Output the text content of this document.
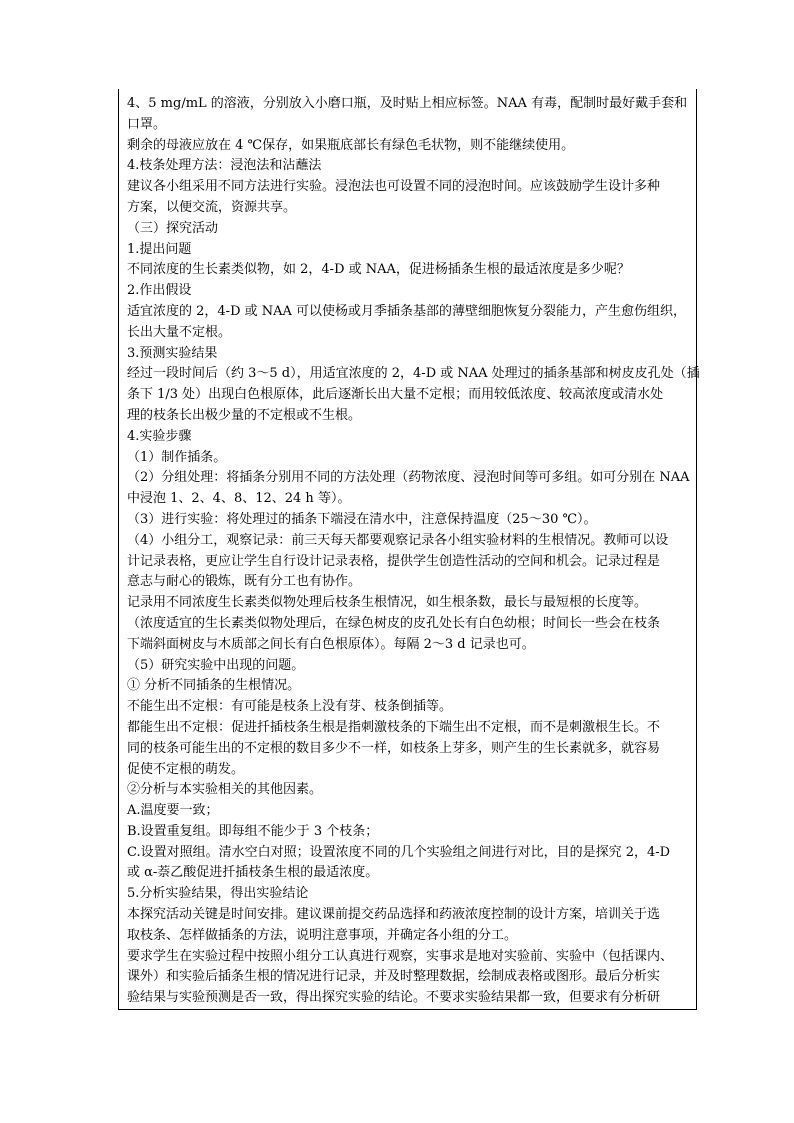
4、5 mg/mL 的溶液，分别放入小磨口瓶，及时贴上相应标签。NAA 有毒，配制时最好戴手套和
口罩。
剩余的母液应放在 4 ℃保存，如果瓶底部长有绿色毛状物，则不能继续使用。
4.枝条处理方法：浸泡法和沾蘸法
建议各小组采用不同方法进行实验。浸泡法也可设置不同的浸泡时间。应该鼓励学生设计多种
方案，以便交流，资源共享。
（三）探究活动
1.提出问题
不同浓度的生长素类似物，如 2，4-D 或 NAA，促进杨插条生根的最适浓度是多少呢？
2.作出假设
适宜浓度的 2，4-D 或 NAA 可以使杨或月季插条基部的薄壁细胞恢复分裂能力，产生愈伤组织，
长出大量不定根。
3.预测实验结果
经过一段时间后（约 3～5 d），用适宜浓度的 2，4-D 或 NAA 处理过的插条基部和树皮皮孔处（插
条下 1/3 处）出现白色根原体，此后逐渐长出大量不定根；而用较低浓度、较高浓度或清水处
理的枝条长出极少量的不定根或不生根。
4.实验步骤
（1）制作插条。
（2）分组处理：将插条分别用不同的方法处理（药物浓度、浸泡时间等可多组。如可分别在 NAA
中浸泡 1、2、4、8、12、24 h 等）。
（3）进行实验：将处理过的插条下端浸在清水中，注意保持温度（25～30 ℃）。
（4）小组分工，观察记录：前三天每天都要观察记录各小组实验材料的生根情况。教师可以设
计记录表格，更应让学生自行设计记录表格，提供学生创造性活动的空间和机会。记录过程是
意志与耐心的锻炼，既有分工也有协作。
记录用不同浓度生长素类似物处理后枝条生根情况，如生根条数，最长与最短根的长度等。
（浓度适宜的生长素类似物处理后，在绿色树皮的皮孔处长有白色幼根；时间长一些会在枝条
下端斜面树皮与木质部之间长有白色根原体）。每隔 2～3 d 记录也可。
（5）研究实验中出现的问题。
① 分析不同插条的生根情况。
不能生出不定根：有可能是枝条上没有芽、枝条倒插等。
都能生出不定根：促进扦插枝条生根是指刺激枝条的下端生出不定根，而不是刺激根生长。不
同的枝条可能生出的不定根的数目多少不一样，如枝条上芽多，则产生的生长素就多，就容易
促使不定根的萌发。
②分析与本实验相关的其他因素。
A.温度要一致；
B.设置重复组。即每组不能少于 3 个枝条；
C.设置对照组。清水空白对照；设置浓度不同的几个实验组之间进行对比，目的是探究 2，4-D
或 α-萘乙酸促进扦插枝条生根的最适浓度。
5.分析实验结果，得出实验结论
本探究活动关键是时间安排。建议课前提交药品选择和药液浓度控制的设计方案，培训关于选
取枝条、怎样做插条的方法，说明注意事项，并确定各小组的分工。
要求学生在实验过程中按照小组分工认真进行观察，实事求是地对实验前、实验中（包括课内、
课外）和实验后插条生根的情况进行记录，并及时整理数据，绘制成表格或图形。最后分析实
验结果与实验预测是否一致，得出探究实验的结论。不要求实验结果都一致，但要求有分析研
